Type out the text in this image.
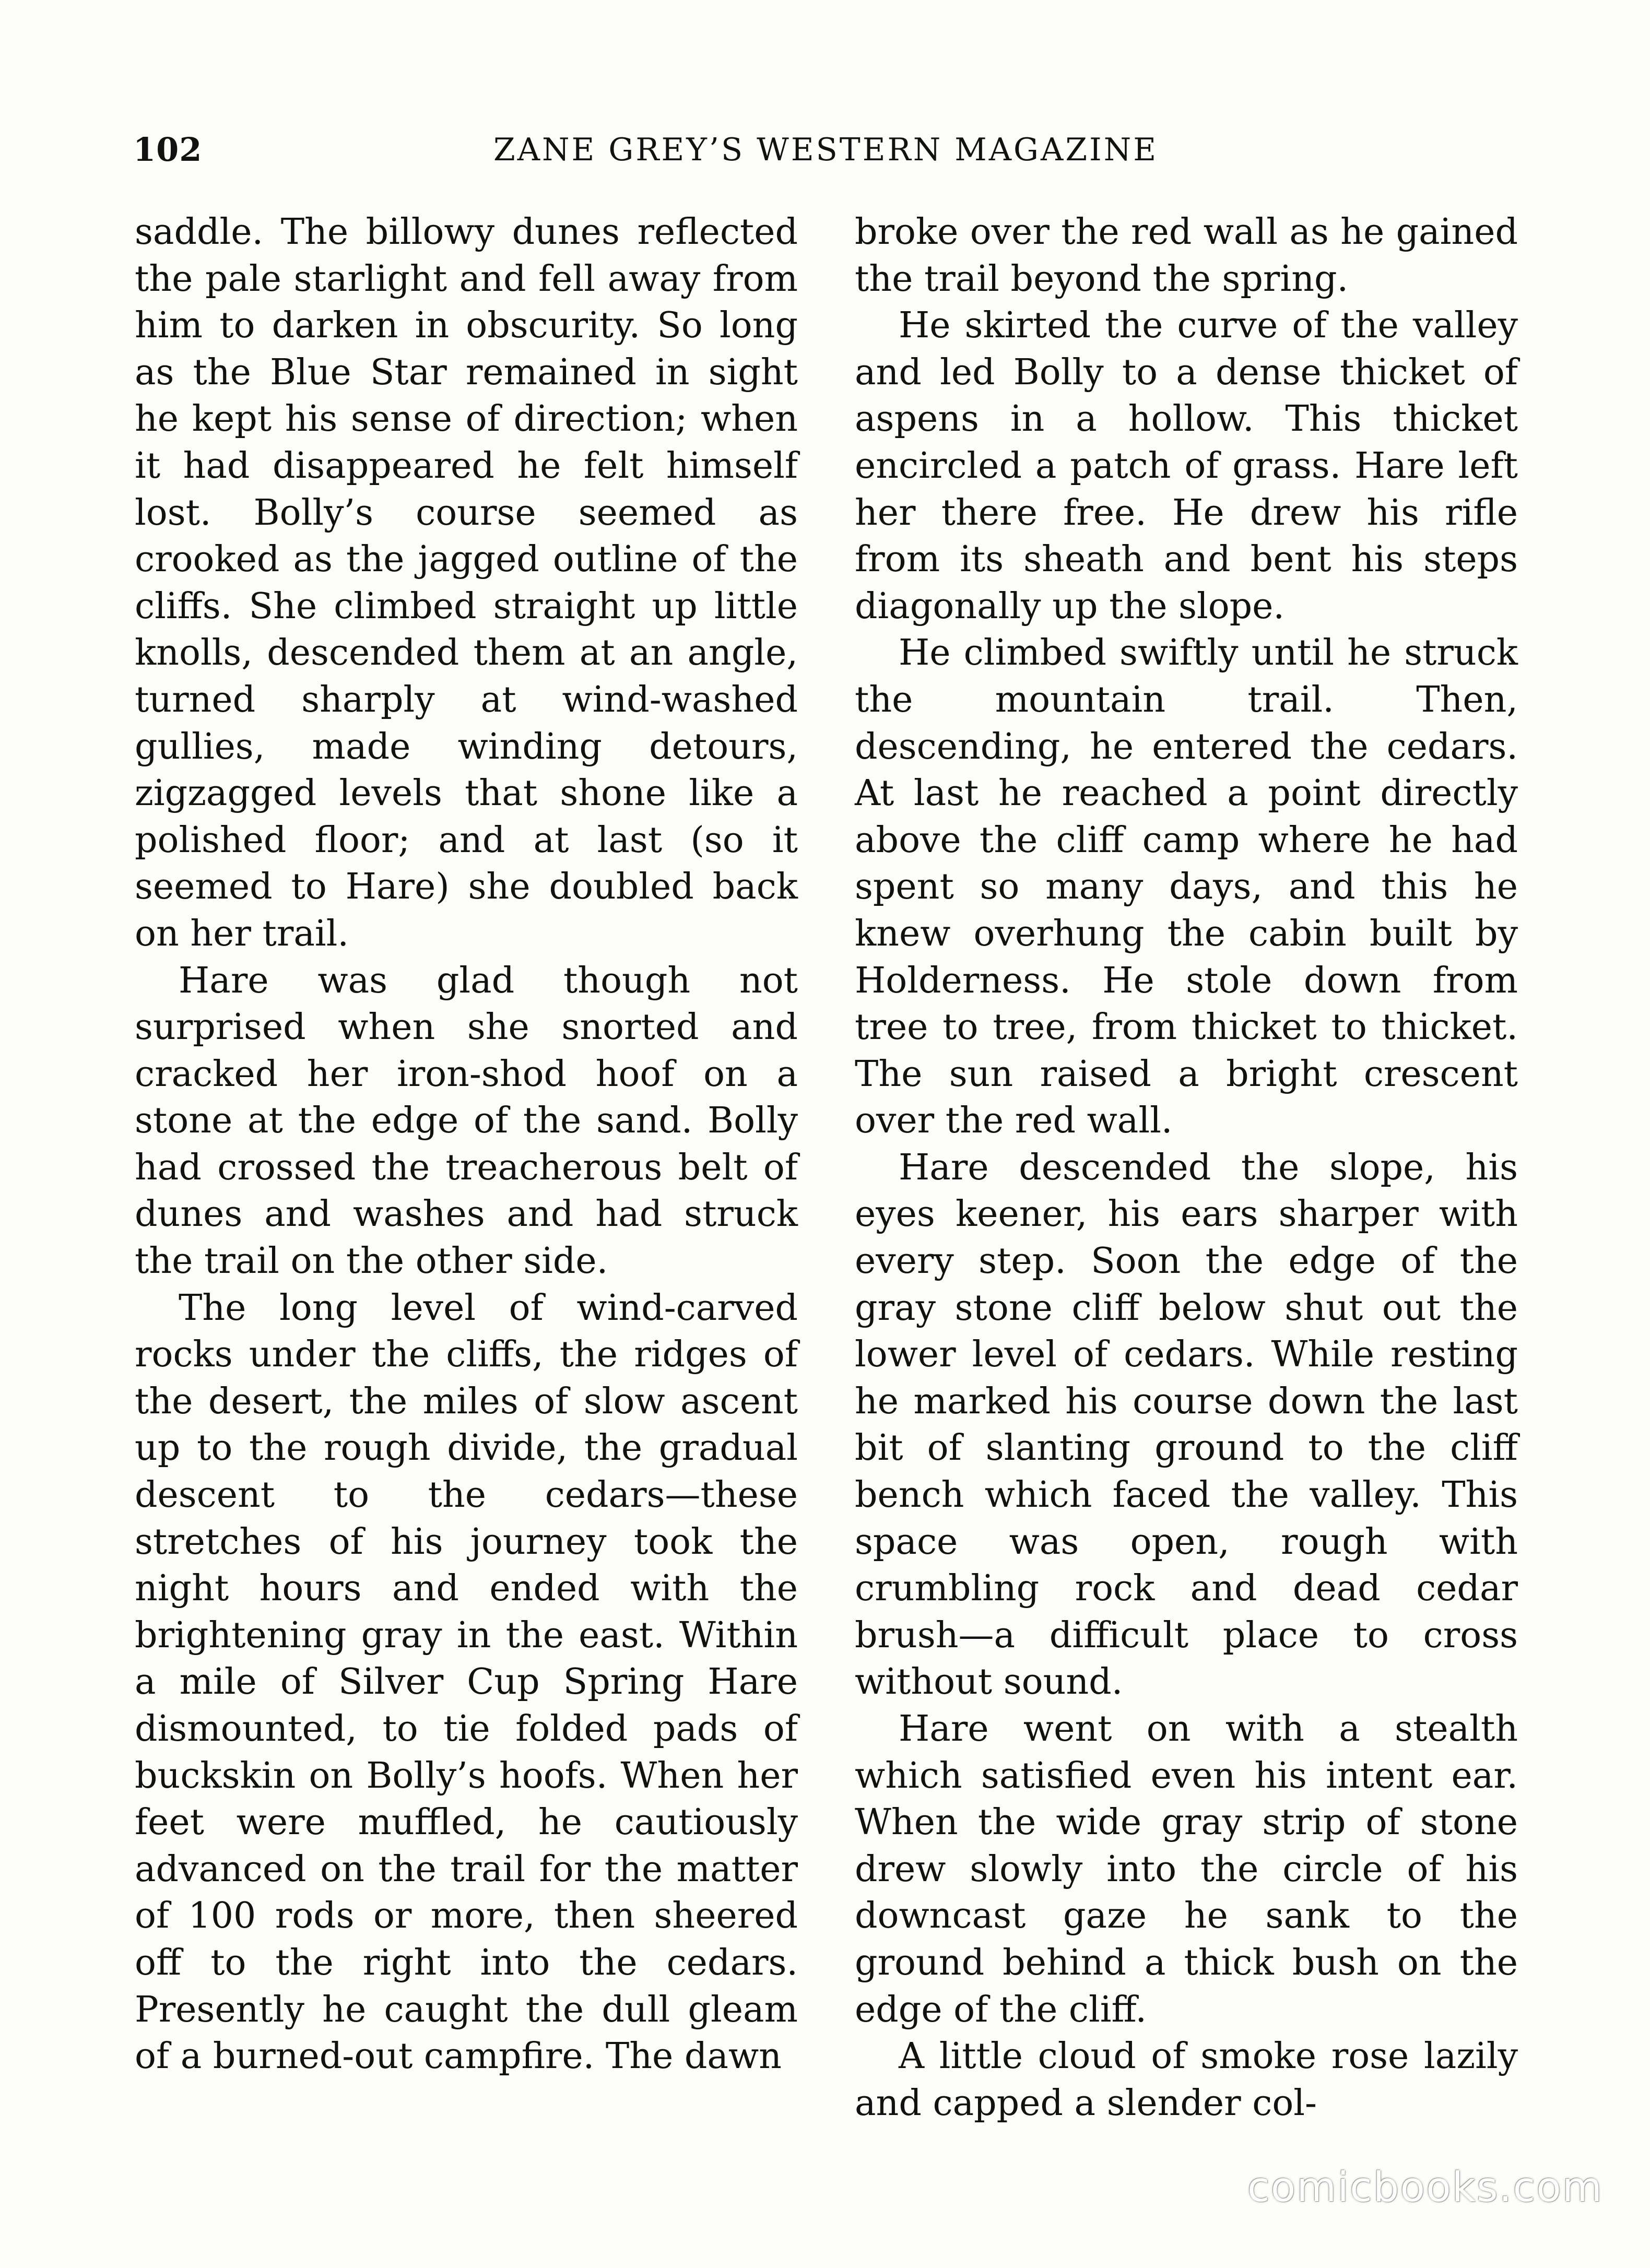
102	ZANE GREY’S WESTERN MAGAZINE

saddle. The billowy dunes reflected the pale starlight and fell away from him to darken in obscurity. So long as the Blue Star remained in sight he kept his sense of direction; when it had disappeared he felt himself lost. Bolly’s course seemed as crooked as the jagged outline of the cliffs. She climbed straight up little knolls, descended them at an angle, turned sharply at wind-washed gullies, made winding detours, zigzagged levels that shone like a polished floor; and at last (so it seemed to Hare) she doubled back on her trail.

Hare was glad though not surprised when she snorted and cracked her iron-shod hoof on a stone at the edge of the sand. Bolly had crossed the treacherous belt of dunes and washes and had struck the trail on the other side.

The long level of wind-carved rocks under the cliffs, the ridges of the desert, the miles of slow ascent up to the rough divide, the gradual descent to the cedars—these stretches of his journey took the night hours and ended with the brightening gray in the east. Within a mile of Silver Cup Spring Hare dismounted, to tie folded pads of buckskin on Bolly’s hoofs. When her feet were muffled, he cautiously advanced on the trail for the matter of 100 rods or more, then sheered off to the right into the cedars. Presently he caught the dull gleam of a burned-out campfire. The dawn

broke over the red wall as he gained the trail beyond the spring.

He skirted the curve of the valley and led Bolly to a dense thicket of aspens in a hollow. This thicket encircled a patch of grass. Hare left her there free. He drew his rifle from its sheath and bent his steps diagonally up the slope.

He climbed swiftly until he struck the mountain trail. Then, descending, he entered the cedars. At last he reached a point directly above the cliff camp where he had spent so many days, and this he knew overhung the cabin built by Holderness. He stole down from tree to tree, from thicket to thicket. The sun raised a bright crescent over the red wall.

Hare descended the slope, his eyes keener, his ears sharper with every step. Soon the edge of the gray stone cliff below shut out the lower level of cedars. While resting he marked his course down the last bit of slanting ground to the cliff bench which faced the valley. This space was open, rough with crumbling rock and dead cedar brush—a difficult place to cross without sound.

Hare went on with a stealth which satisfied even his intent ear. When the wide gray strip of stone drew slowly into the circle of his downcast gaze he sank to the ground behind a thick bush on the edge of the cliff.

A little cloud of smoke rose lazily and capped a slender col-

comicbooks.com
